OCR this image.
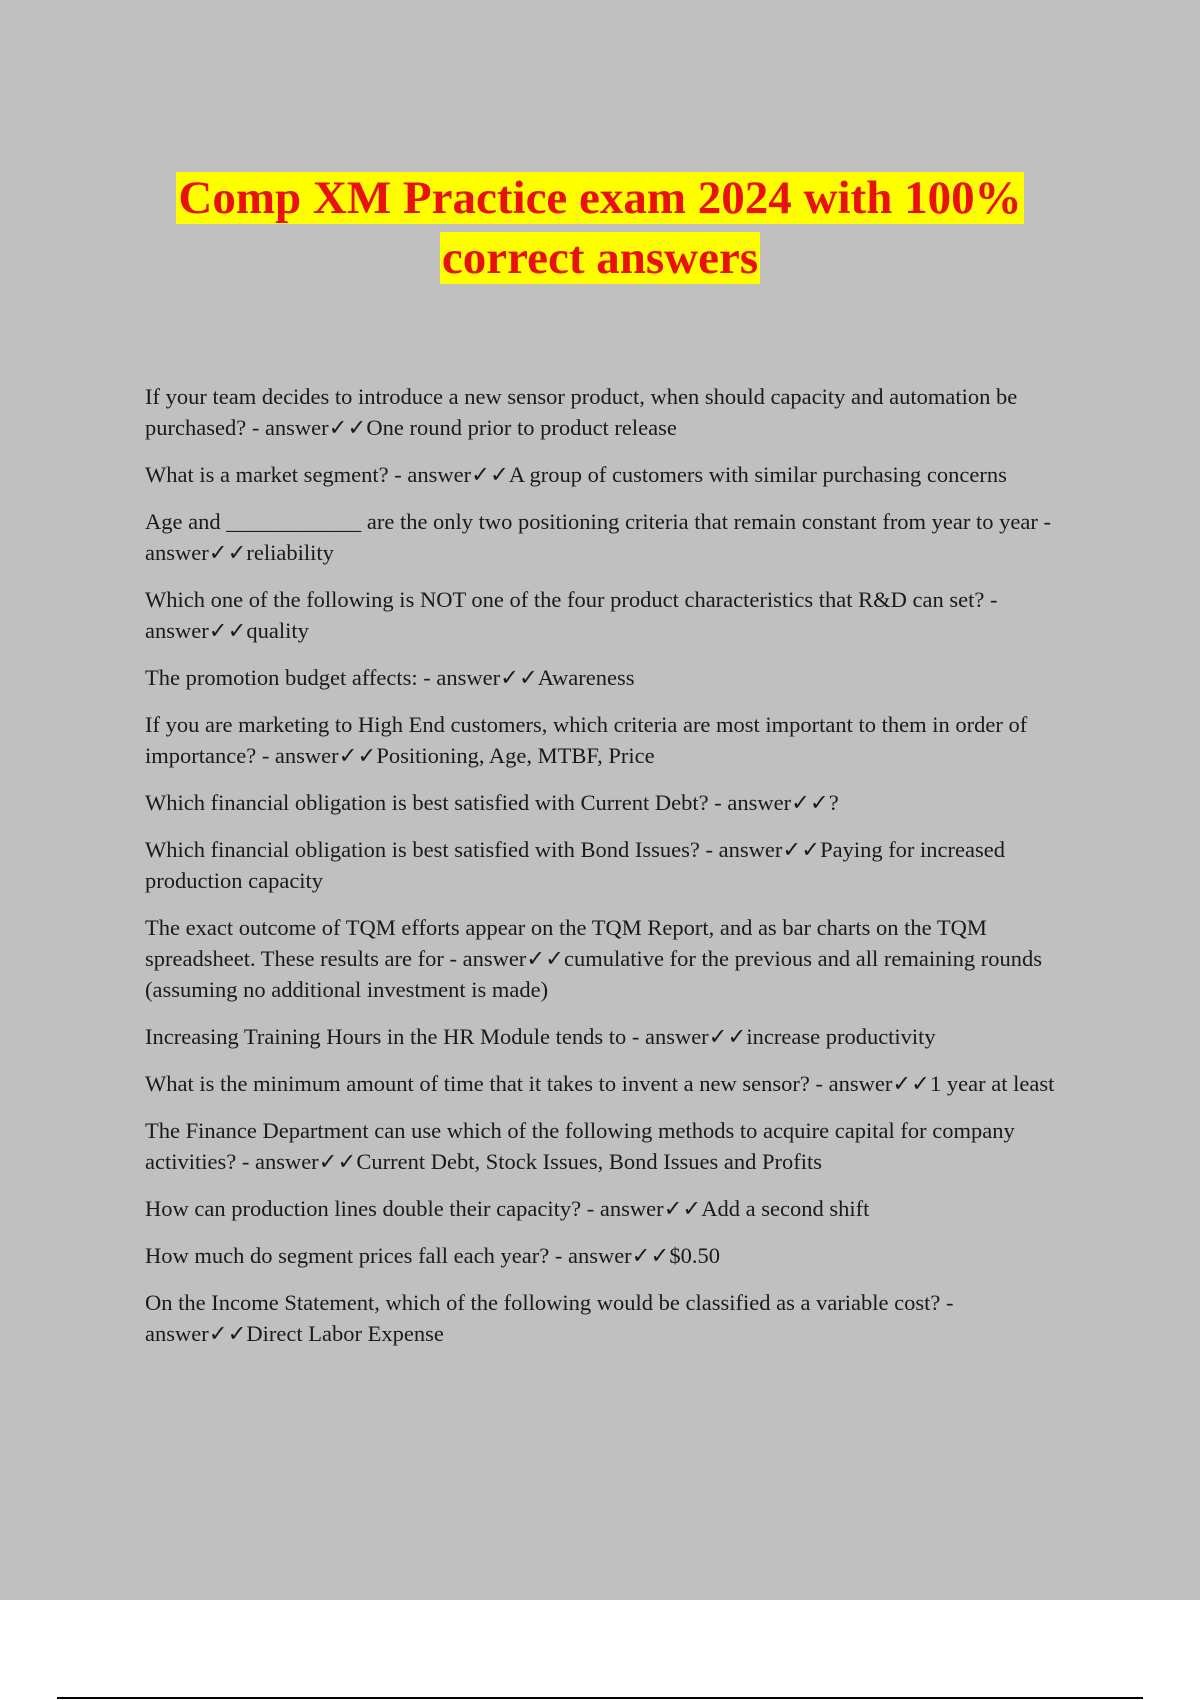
Comp XM Practice exam 2024 with 100%
correct answers
If your team decides to introduce a new sensor product, when should capacity and automation be purchased? - answer✓✓One round prior to product release
What is a market segment? - answer✓✓A group of customers with similar purchasing concerns
Age and ____________ are the only two positioning criteria that remain constant from year to year - answer✓✓reliability
Which one of the following is NOT one of the four product characteristics that R&D can set? - answer✓✓quality
The promotion budget affects: - answer✓✓Awareness
If you are marketing to High End customers, which criteria are most important to them in order of importance? - answer✓✓Positioning, Age, MTBF, Price
Which financial obligation is best satisfied with Current Debt? - answer✓✓?
Which financial obligation is best satisfied with Bond Issues? - answer✓✓Paying for increased production capacity
The exact outcome of TQM efforts appear on the TQM Report, and as bar charts on the TQM spreadsheet. These results are for - answer✓✓cumulative for the previous and all remaining rounds (assuming no additional investment is made)
Increasing Training Hours in the HR Module tends to - answer✓✓increase productivity
What is the minimum amount of time that it takes to invent a new sensor? - answer✓✓1 year at least
The Finance Department can use which of the following methods to acquire capital for company activities? - answer✓✓Current Debt, Stock Issues, Bond Issues and Profits
How can production lines double their capacity? - answer✓✓Add a second shift
How much do segment prices fall each year? - answer✓✓$0.50
On the Income Statement, which of the following would be classified as a variable cost? - answer✓✓Direct Labor Expense
